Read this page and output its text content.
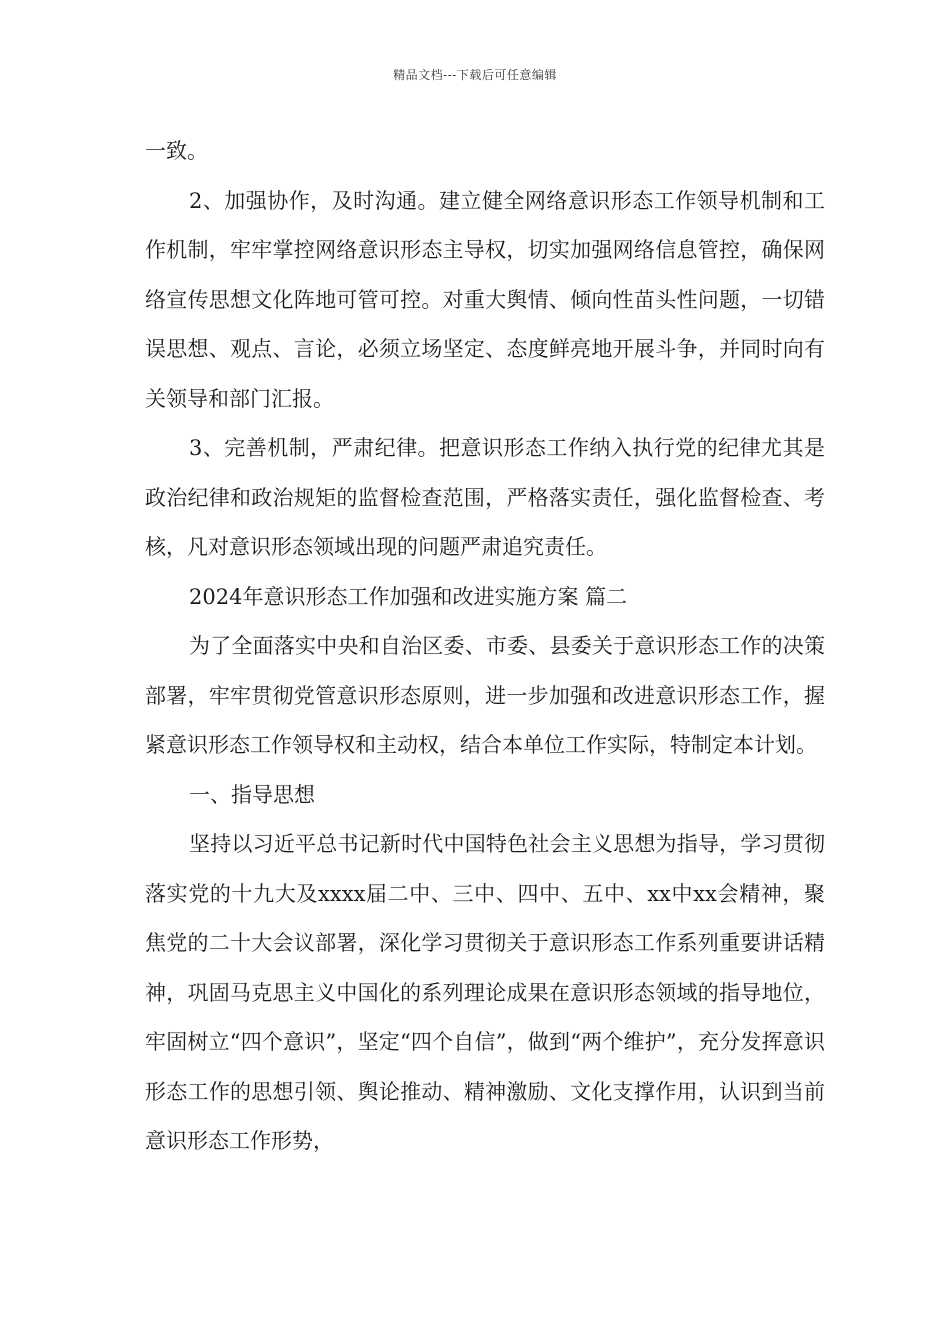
精品文档---下载后可任意编辑

一致。

2、加强协作，及时沟通。建立健全网络意识形态工作领导机制和工作机制，牢牢掌控网络意识形态主导权，切实加强网络信息管控，确保网络宣传思想文化阵地可管可控。对重大舆情、倾向性苗头性问题，一切错误思想、观点、言论，必须立场坚定、态度鲜亮地开展斗争，并同时向有关领导和部门汇报。

3、完善机制，严肃纪律。把意识形态工作纳入执行党的纪律尤其是政治纪律和政治规矩的监督检查范围，严格落实责任，强化监督检查、考核，凡对意识形态领域出现的问题严肃追究责任。

2024年意识形态工作加强和改进实施方案 篇二

为了全面落实中央和自治区委、市委、县委关于意识形态工作的决策部署，牢牢贯彻党管意识形态原则，进一步加强和改进意识形态工作，握紧意识形态工作领导权和主动权，结合本单位工作实际，特制定本计划。

一、指导思想

坚持以习近平总书记新时代中国特色社会主义思想为指导，学习贯彻落实党的十九大及xxxx届二中、三中、四中、五中、xx中xx会精神，聚焦党的二十大会议部署，深化学习贯彻关于意识形态工作系列重要讲话精神，巩固马克思主义中国化的系列理论成果在意识形态领域的指导地位，牢固树立“四个意识”，坚定“四个自信”，做到“两个维护”，充分发挥意识形态工作的思想引领、舆论推动、精神激励、文化支撑作用，认识到当前意识形态工作形势，
